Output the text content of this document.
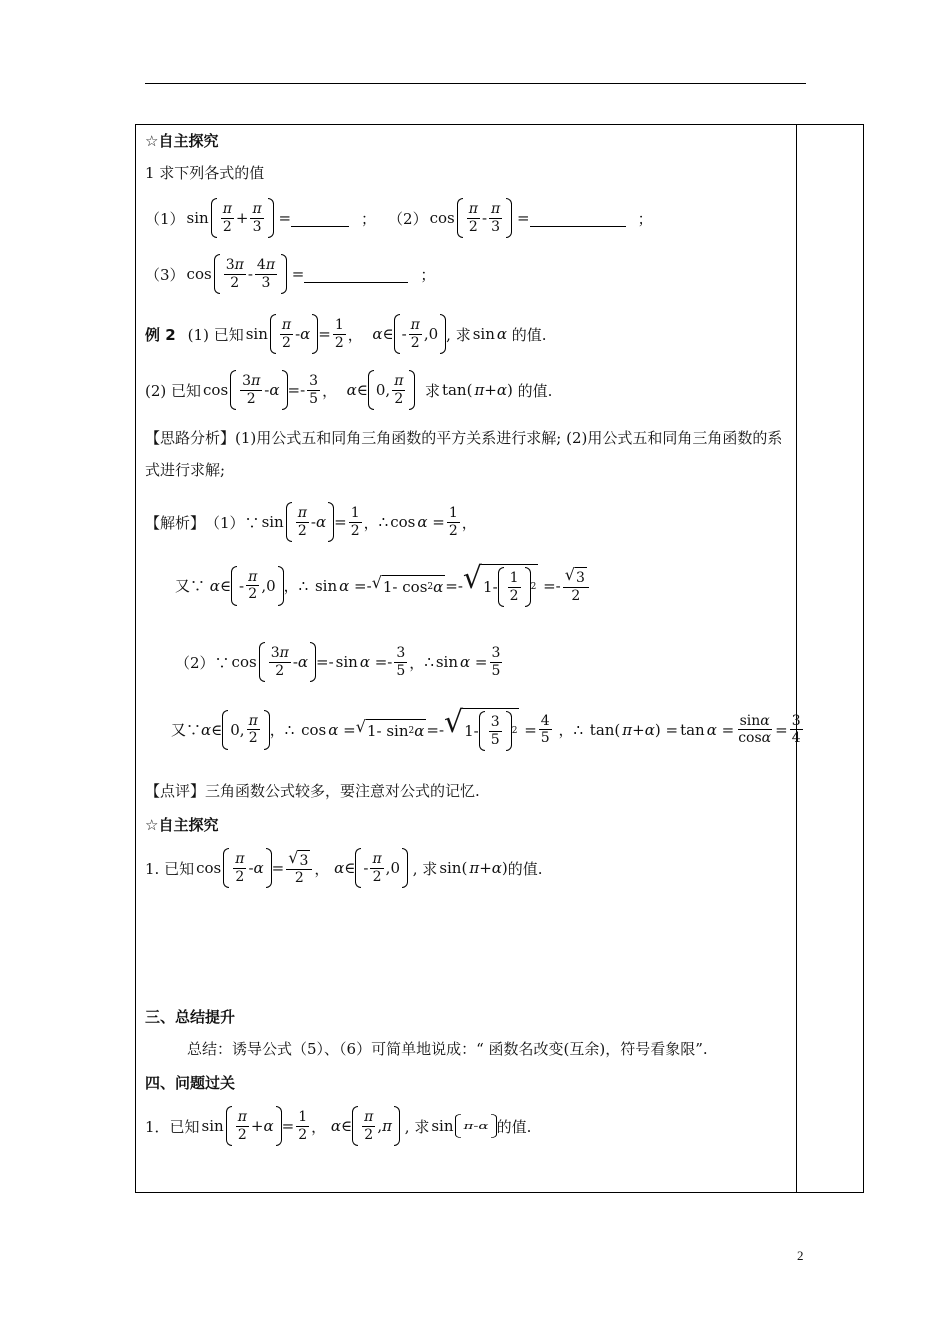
☆自主探究
1 求下列各式的值
（1） $\sin \frac{\pi}{2} + \frac{\pi}{3}$ =	； （2） $\cos \frac{\pi}{2} - \frac{\pi}{3}$ =	；
（3） $\cos \frac{3\pi}{2} - \frac{4\pi}{3}$ =	；
例 2 (1) 已知 $\sin \frac{\pi}{2} - \alpha = \frac{1}{2}$ ， α ∈ - $\frac{\pi}{2} ,0$ , 求 sin α
的值.
(2) 已知 $\cos \frac{3\pi}{2} - \alpha =- \frac{3}{5}$ ， α ∈ 0, $\frac{\pi}{2}$
求 tan( π + α ) 的值.
【思路分析】(1)用公式五和同角三角函数的平方关系进行求解; (2)用公式五和同角三角函数的系式进行求解;
【解析】 （1）∵ $\sin \frac{\pi}{2} - \alpha = \frac{1}{2}$ ， ∴ $\cos \alpha = \frac{1}{2}$ ，
又∵
α ∈ - $\frac{\pi}{2} ,0$ ， ∴
sin α =- √ 1- cos 2 α =- √ $1- \frac{1}{2} 2 =- \frac{√ 3}{2}$
（2）∵ $\cos \frac{3\pi}{2} - \alpha =- \sin \alpha =- \frac{3}{5}$ ， ∴ $\sin \alpha = \frac{3}{5}$
又∵ α ∈ 0, $\frac{\pi}{2}$ ， ∴
cos α = √ 1- sin 2 α =- √ $1- \frac{3}{5} 2 = \frac{4}{5}$ ， ∴
tan( π + α ) = $\tan \alpha = \frac{\sin\alpha}{\cos\alpha} = \frac{3}{4}$
【点评】 三角函数公式较多，要注意对公式的记忆.
☆自主探究
1. 已知 $\cos \frac{\pi}{2} - \alpha = \frac{√ 3}{2}$ ， α ∈ - $\frac{\pi}{2} ,0$
, 求 sin( π + α ) 的值.
三、总结提升
总结：诱导公式（5）、（6）可简单地说成：“ 函数名改变(互余)，符号看象限”.
四、问题过关
1．已知 $\sin \frac{\pi}{2} + \alpha = \frac{1}{2}$ ， α ∈ $\frac{\pi}{2}$ , π
, 求 sin π - α 的值.
2
